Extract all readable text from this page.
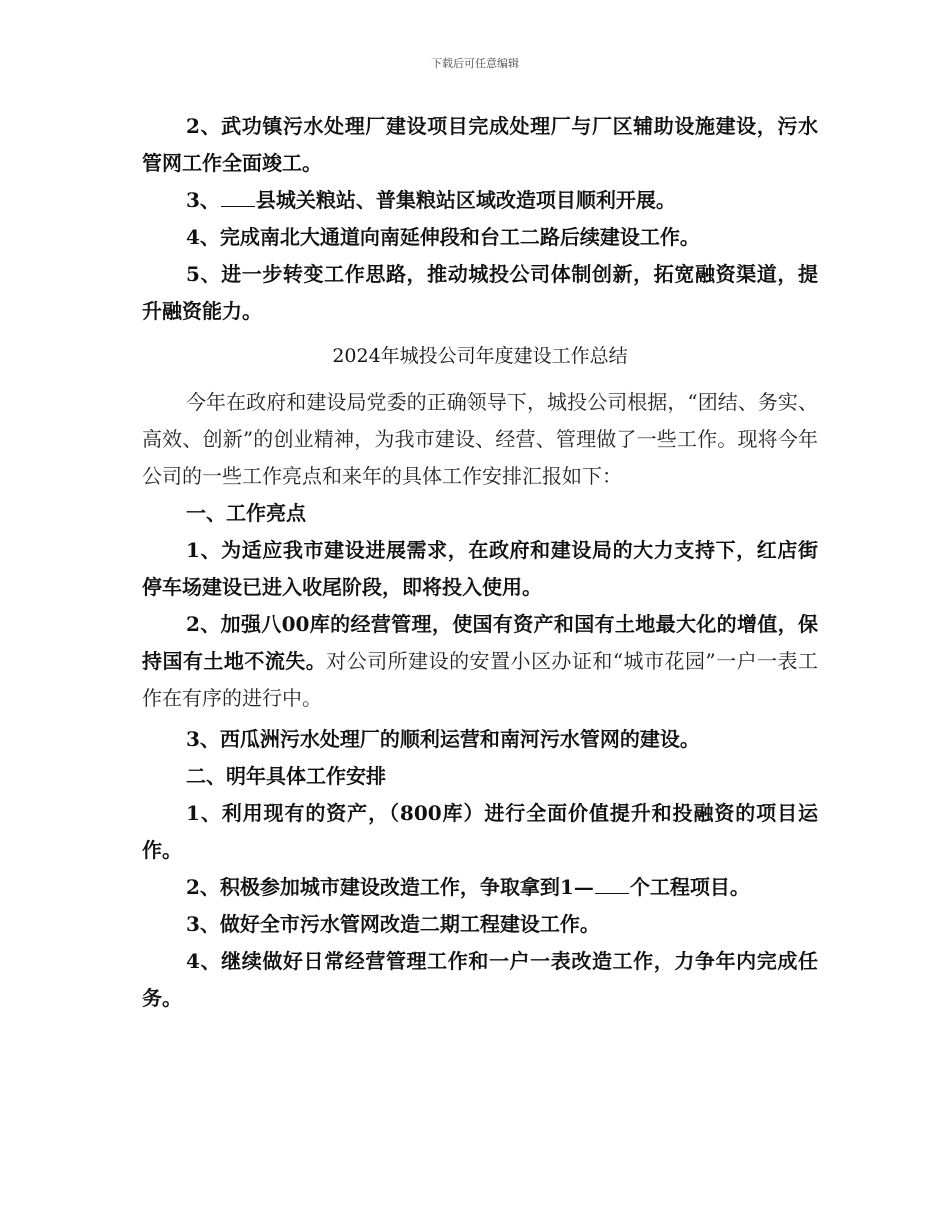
下载后可任意编辑

2、武功镇污水处理厂建设项目完成处理厂与厂区辅助设施建设，污水管网工作全面竣工。

3、 县城关粮站、普集粮站区域改造项目顺利开展。

4、完成南北大通道向南延伸段和台工二路后续建设工作。

5、进一步转变工作思路，推动城投公司体制创新，拓宽融资渠道，提升融资能力。

2024年城投公司年度建设工作总结

今年在政府和建设局党委的正确领导下，城投公司根据，“团结、务实、高效、创新”的创业精神，为我市建设、经营、管理做了一些工作。现将今年公司的一些工作亮点和来年的具体工作安排汇报如下：

一、工作亮点

1、为适应我市建设进展需求，在政府和建设局的大力支持下，红店街停车场建设已进入收尾阶段，即将投入使用。

2、加强八00库的经营管理，使国有资产和国有土地最大化的增值，保持国有土地不流失。对公司所建设的安置小区办证和“城市花园”一户一表工作在有序的进行中。

3、西瓜洲污水处理厂的顺利运营和南河污水管网的建设。

二、明年具体工作安排

1、利用现有的资产，（800库）进行全面价值提升和投融资的项目运作。

2、积极参加城市建设改造工作，争取拿到1— 个工程项目。

3、做好全市污水管网改造二期工程建设工作。

4、继续做好日常经营管理工作和一户一表改造工作，力争年内完成任务。
